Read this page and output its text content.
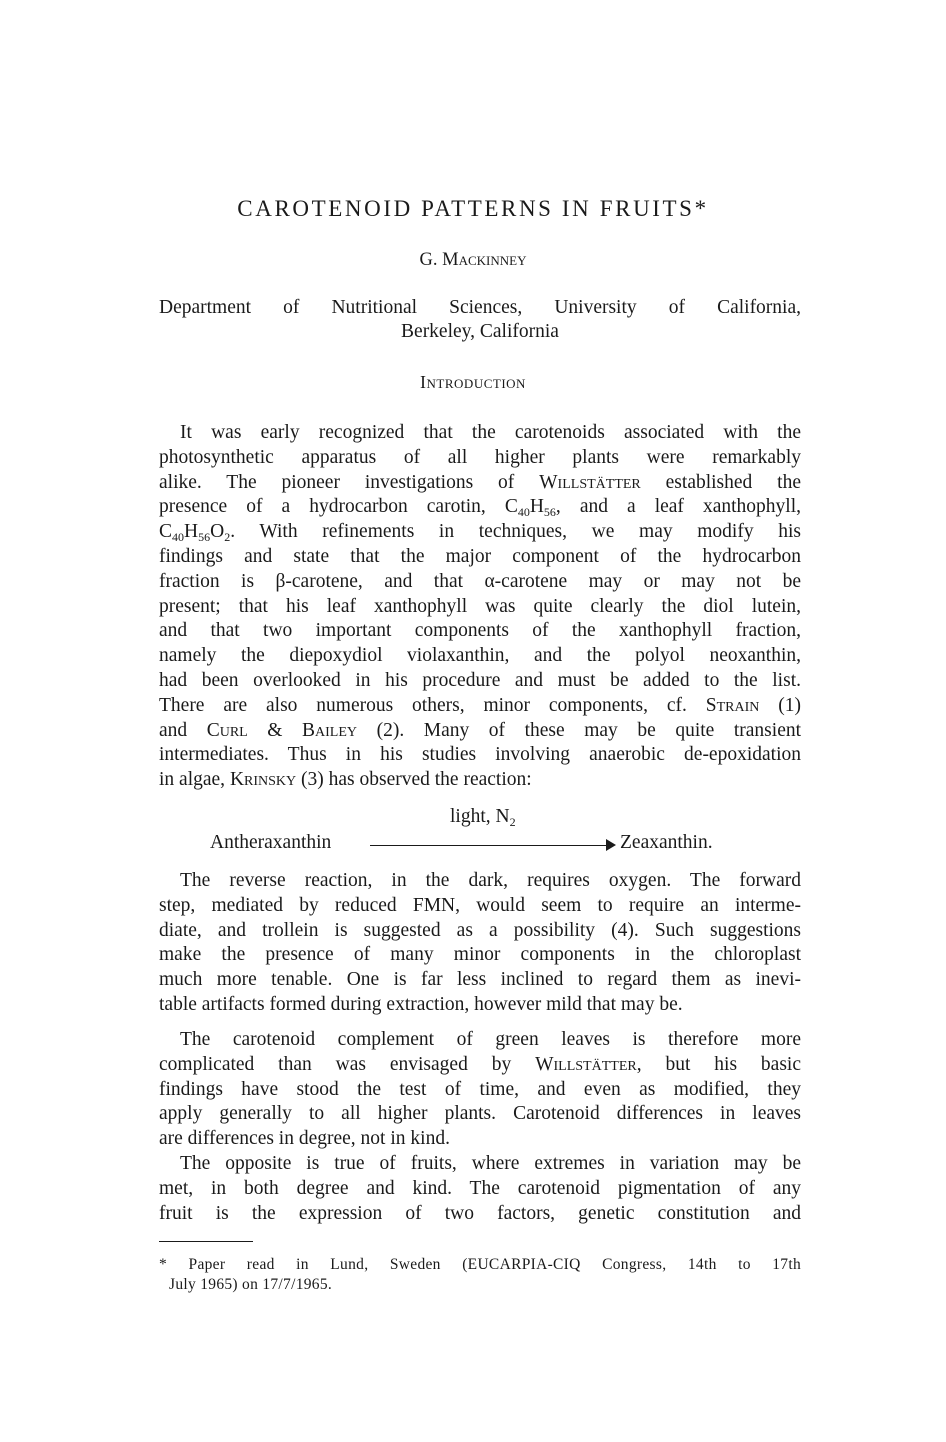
CAROTENOID PATTERNS IN FRUITS*
G. Mackinney
Department of Nutritional Sciences, University of California,
Berkeley, California
Introduction
It was early recognized that the carotenoids associated with the
photosynthetic apparatus of all higher plants were remarkably
alike. The pioneer investigations of Willstätter established the
presence of a hydrocarbon carotin, $C_{40}H_{56}$, and a leaf xanthophyll,
$C_{40}H_{56}O_2$. With refinements in techniques, we may modify his
findings and state that the major component of the hydrocarbon
fraction is β-carotene, and that α-carotene may or may not be
present; that his leaf xanthophyll was quite clearly the diol lutein,
and that two important components of the xanthophyll fraction,
namely the diepoxydiol violaxanthin, and the polyol neoxanthin,
had been overlooked in his procedure and must be added to the list.
There are also numerous others, minor components, cf. Strain (1)
and Curl & Bailey (2). Many of these may be quite transient
intermediates. Thus in his studies involving anaerobic de-epoxidation
in algae, Krinsky (3) has observed the reaction:
light, $N_2$
Antheraxanthin	Zeaxanthin.
The reverse reaction, in the dark, requires oxygen. The forward
step, mediated by reduced FMN, would seem to require an interme-
diate, and trollein is suggested as a possibility (4). Such suggestions
make the presence of many minor components in the chloroplast
much more tenable. One is far less inclined to regard them as inevi-
table artifacts formed during extraction, however mild that may be.
The carotenoid complement of green leaves is therefore more
complicated than was envisaged by Willstätter, but his basic
findings have stood the test of time, and even as modified, they
apply generally to all higher plants. Carotenoid differences in leaves
are differences in degree, not in kind.
The opposite is true of fruits, where extremes in variation may be
met, in both degree and kind. The carotenoid pigmentation of any
fruit is the expression of two factors, genetic constitution and
* Paper read in Lund, Sweden (EUCARPIA-CIQ Congress, 14th to 17th
July 1965) on 17/7/1965.
